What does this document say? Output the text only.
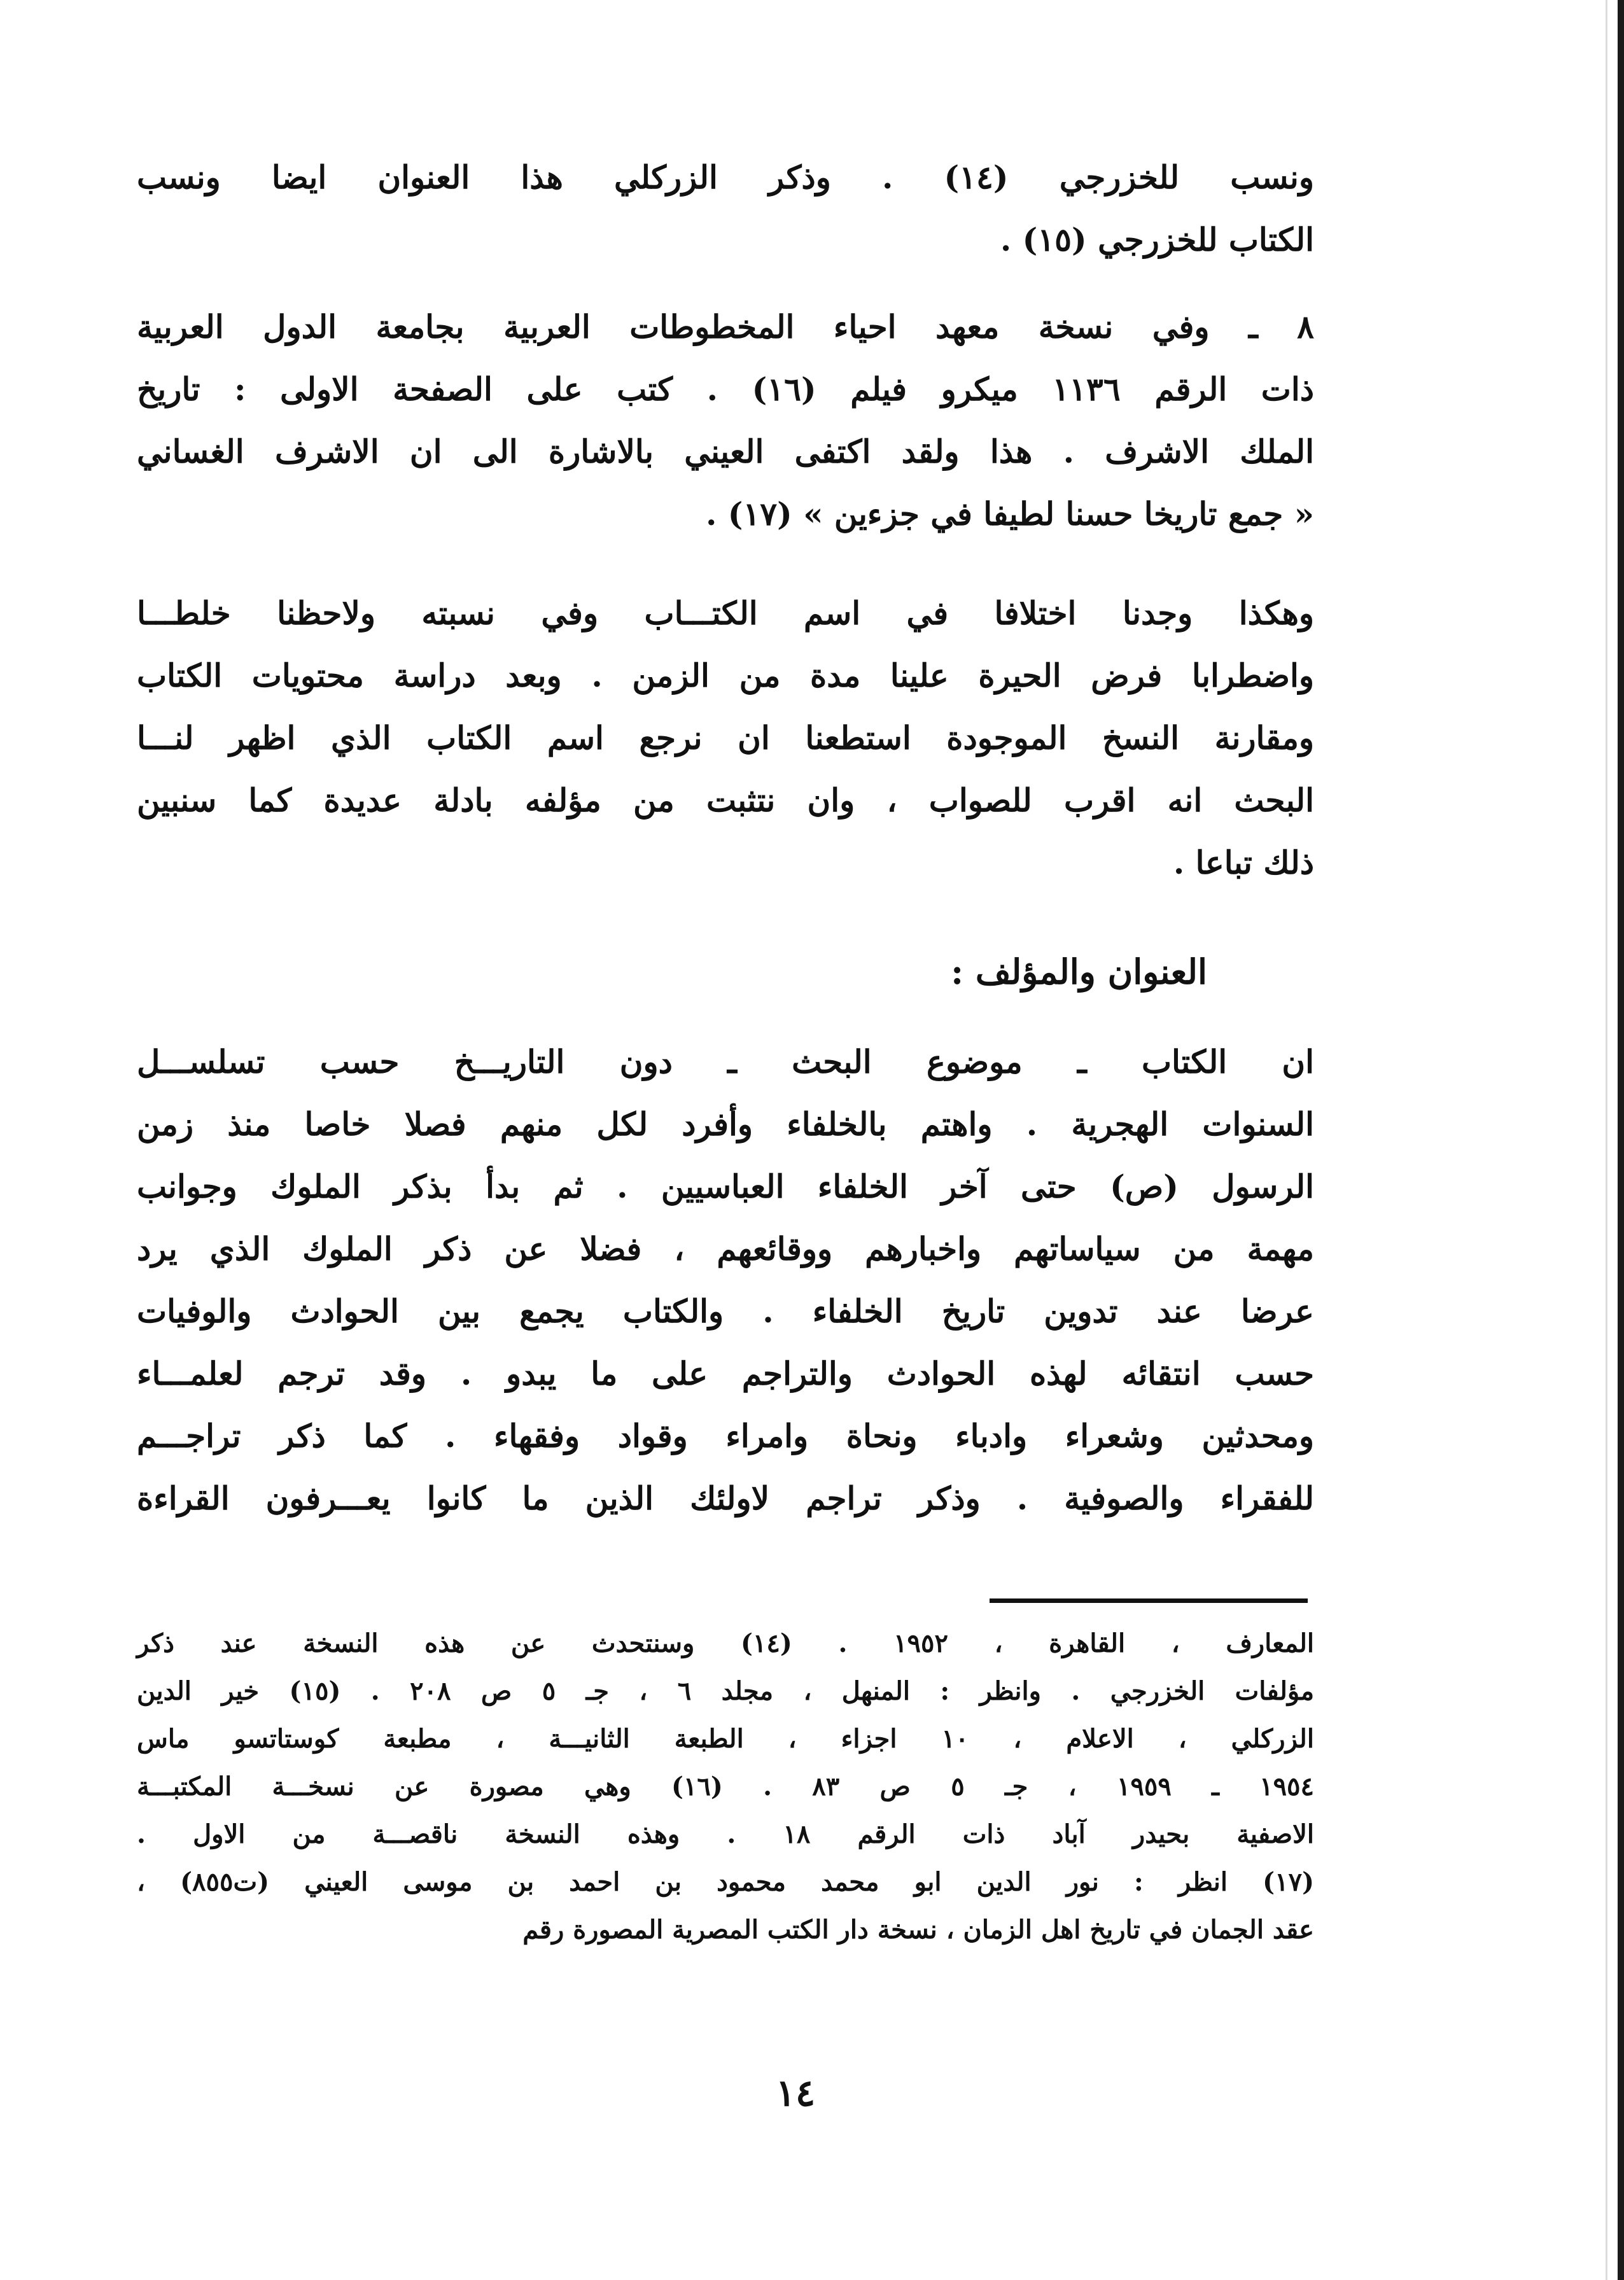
ونسب للخزرجي (١٤) . وذكر الزركلي هذا العنوان ايضا ونسب
الكتاب للخزرجي (١٥) .
٨ ـ وفي نسخة معهد احياء المخطوطات العربية بجامعة الدول العربية
ذات الرقم ١١٣٦ ميكرو فيلم (١٦) . كتب على الصفحة الاولى : تاريخ
الملك الاشرف . هذا ولقد اكتفى العيني بالاشارة الى ان الاشرف الغساني
« جمع تاريخا حسنا لطيفا في جزءين » (١٧) .
وهكذا وجدنا اختلافا في اسم الكتـــاب وفي نسبته ولاحظنا خلطـــا
واضطرابا فرض الحيرة علينا مدة من الزمن . وبعد دراسة محتويات الكتاب
ومقارنة النسخ الموجودة استطعنا ان نرجع اسم الكتاب الذي اظهر لنـــا
البحث انه اقرب للصواب ، وان نتثبت من مؤلفه بادلة عديدة كما سنبين
ذلك تباعا .
العنوان والمؤلف :
ان الكتاب ـ موضوع البحث ـ دون التاريـــخ حسب تسلســـل
السنوات الهجرية . واهتم بالخلفاء وأفرد لكل منهم فصلا خاصا منذ زمن
الرسول (ص) حتى آخر الخلفاء العباسيين . ثم بدأ بذكر الملوك وجوانب
مهمة من سياساتهم واخبارهم ووقائعهم ، فضلا عن ذكر الملوك الذي يرد
عرضا عند تدوين تاريخ الخلفاء . والكتاب يجمع بين الحوادث والوفيات
حسب انتقائه لهذه الحوادث والتراجم على ما يبدو . وقد ترجم لعلمـــاء
ومحدثين وشعراء وادباء ونحاة وامراء وقواد وفقهاء . كما ذكر تراجـــم
للفقراء والصوفية . وذكر تراجم لاولئك الذين ما كانوا يعـــرفون القراءة
المعارف ، القاهرة ، ١٩٥٢ . (١٤) وسنتحدث عن هذه النسخة عند ذكر
مؤلفات الخزرجي . وانظر : المنهل ، مجلد ٦ ، جـ ٥ ص ٢٠٨ . (١٥) خير الدين
الزركلي ، الاعلام ، ١٠ اجزاء ، الطبعة الثانيـــة ، مطبعة كوستاتسو ماس
١٩٥٤ ـ ١٩٥٩ ، جـ ٥ ص ٨٣ . (١٦) وهي مصورة عن نسخـــة المكتبـــة
الاصفية بحيدر آباد ذات الرقم ١٨ . وهذه النسخة ناقصـــة من الاول .
(١٧) انظر : نور الدين ابو محمد محمود بن احمد بن موسى العيني (ت٨٥٥) ،
عقد الجمان في تاريخ اهل الزمان ، نسخة دار الكتب المصرية المصورة رقم
١٤
